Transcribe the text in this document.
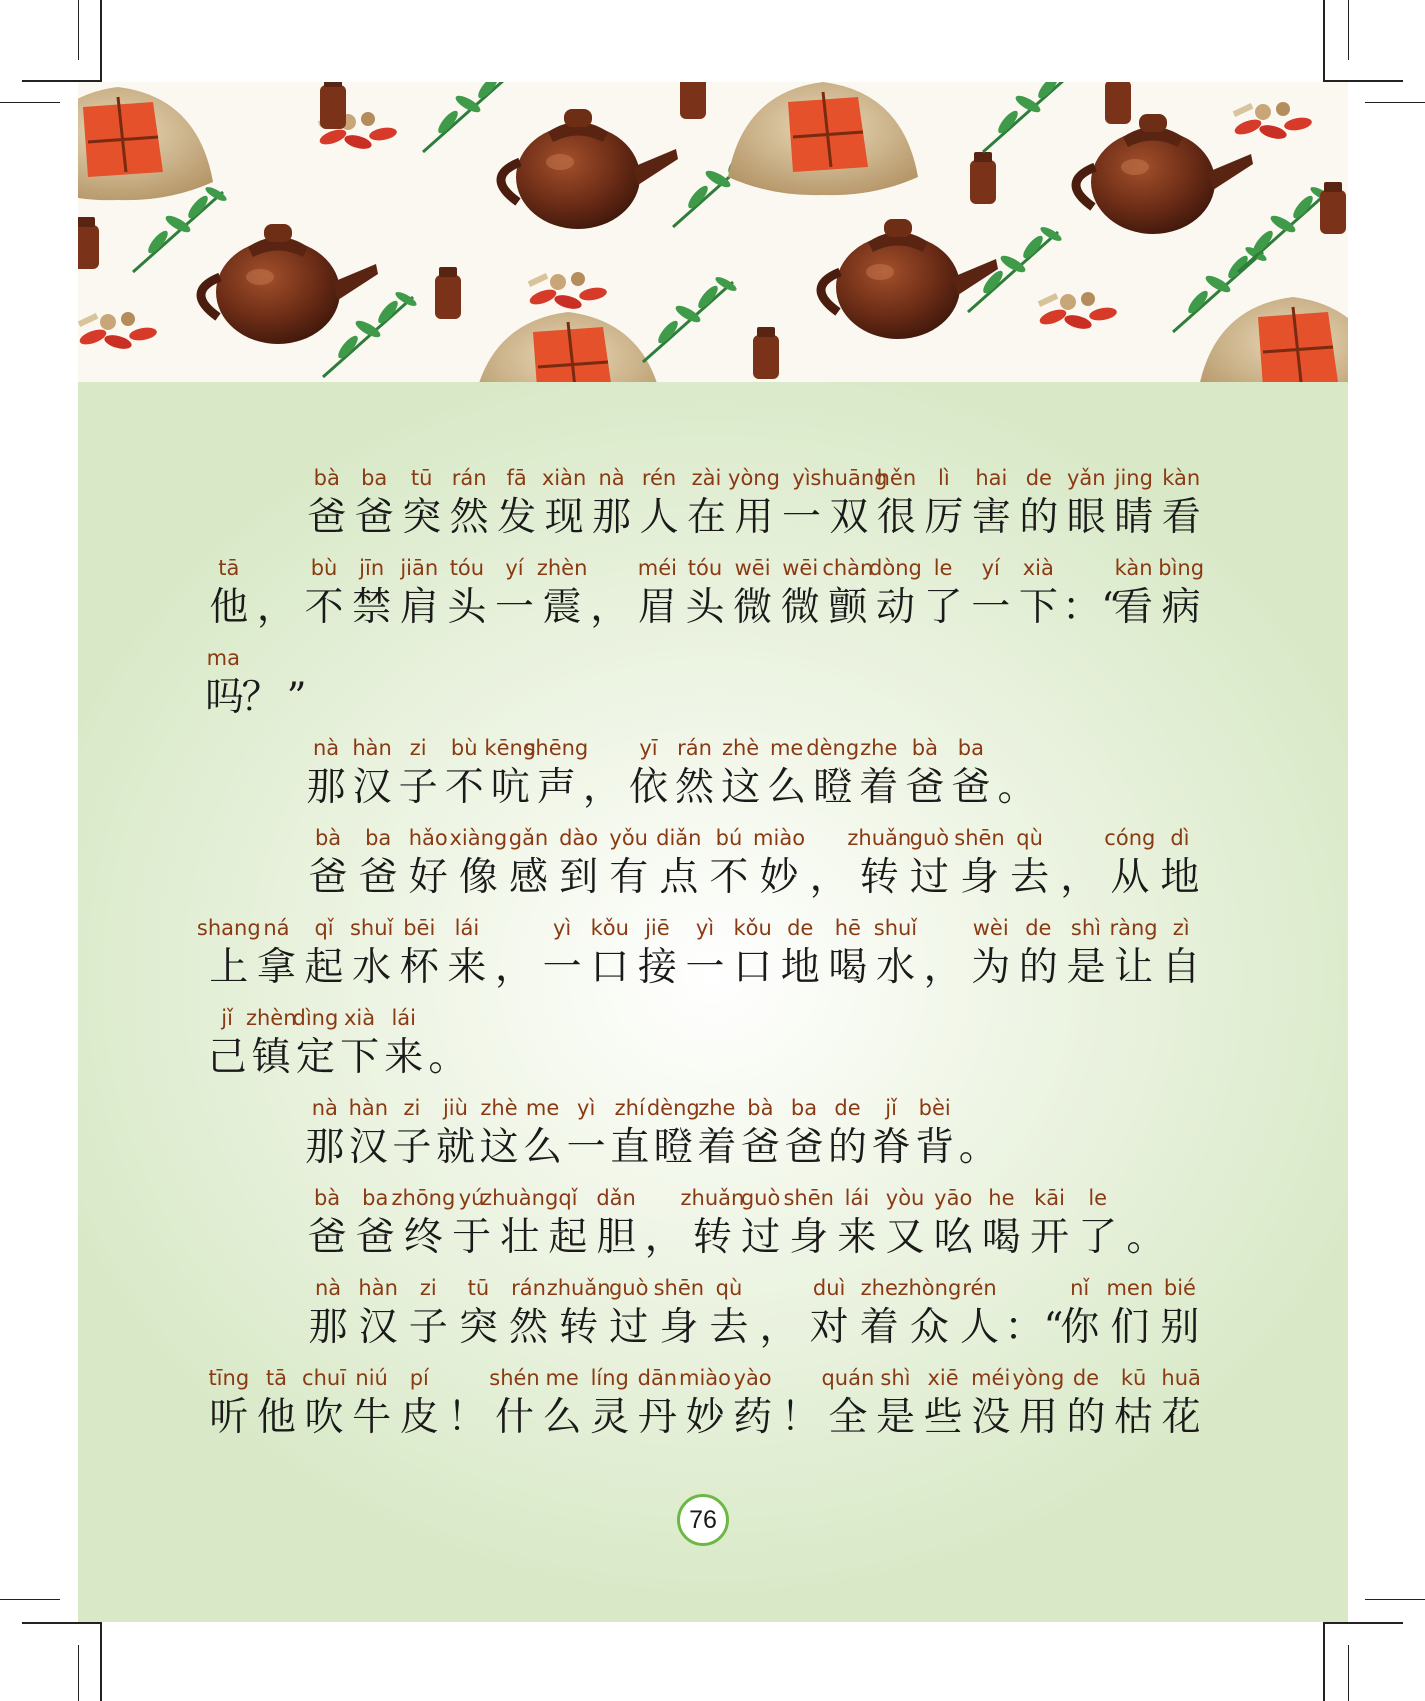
bà
爸
ba
爸
tū
突
rán
然
fā
发
xiàn
现
nà
那
rén
人
zài
在
yòng
用
yì
一
shuāng
双
hěn
很
lì
厉
hai
害
de
的
yǎn
眼
jing
睛
kàn
看
tā
他 ，
bù
不
jīn
禁
jiān
肩
tóu
头
yí
一
zhèn
震 ，
méi
眉
tóu
头
wēi
微
wēi
微
chàn
颤
dòng
动
le
了
yí
一
xià
下 ：“
kàn
看
bìng
病
ma
吗
？ ”
nà
那
hàn
汉
zi
子
bù
不
kēng
吭
shēng
声 ，
yī
依
rán
然
zhè
这
me
么
dèng
瞪
zhe
着
bà
爸
ba
爸 。
bà
爸
ba
爸
hǎo
好
xiàng
像
gǎn
感
dào
到
yǒu
有
diǎn
点
bú
不
miào
妙 ，
zhuǎn
转
guò
过
shēn
身
qù
去 ，
cóng
从
dì
地
shang
上
ná
拿
qǐ
起
shuǐ
水
bēi
杯
lái
来 ，
yì
一
kǒu
口
jiē
接
yì
一
kǒu
口
de
地
hē
喝
shuǐ
水 ，
wèi
为
de
的
shì
是
ràng
让
zì
自
jǐ
己
zhèn
镇
dìng
定
xià
下
lái
来 。
nà
那
hàn
汉
zi
子
jiù
就
zhè
这
me
么
yì
一
zhí
直
dèng
瞪
zhe
着
bà
爸
ba
爸
de
的
jǐ
脊
bèi
背 。
bà
爸
ba
爸
zhōng
终
yú
于
zhuàng
壮
qǐ
起
dǎn
胆 ，
zhuǎn
转
guò
过
shēn
身
lái
来
yòu
又
yāo
吆
he
喝
kāi
开
le
了 。
nà
那
hàn
汉
zi
子
tū
突
rán
然
zhuǎn
转
guò
过
shēn
身
qù
去 ，
duì
对
zhe
着
zhòng
众
rén
人 ：“
nǐ
你
men
们
bié
别
tīng
听
tā
他
chuī
吹
niú
牛
pí
皮 ！
shén
什
me
么
líng
灵
dān
丹
miào
妙
yào
药 ！
quán
全
shì
是
xiē
些
méi
没
yòng
用
de
的
kū
枯
huā
花
76
